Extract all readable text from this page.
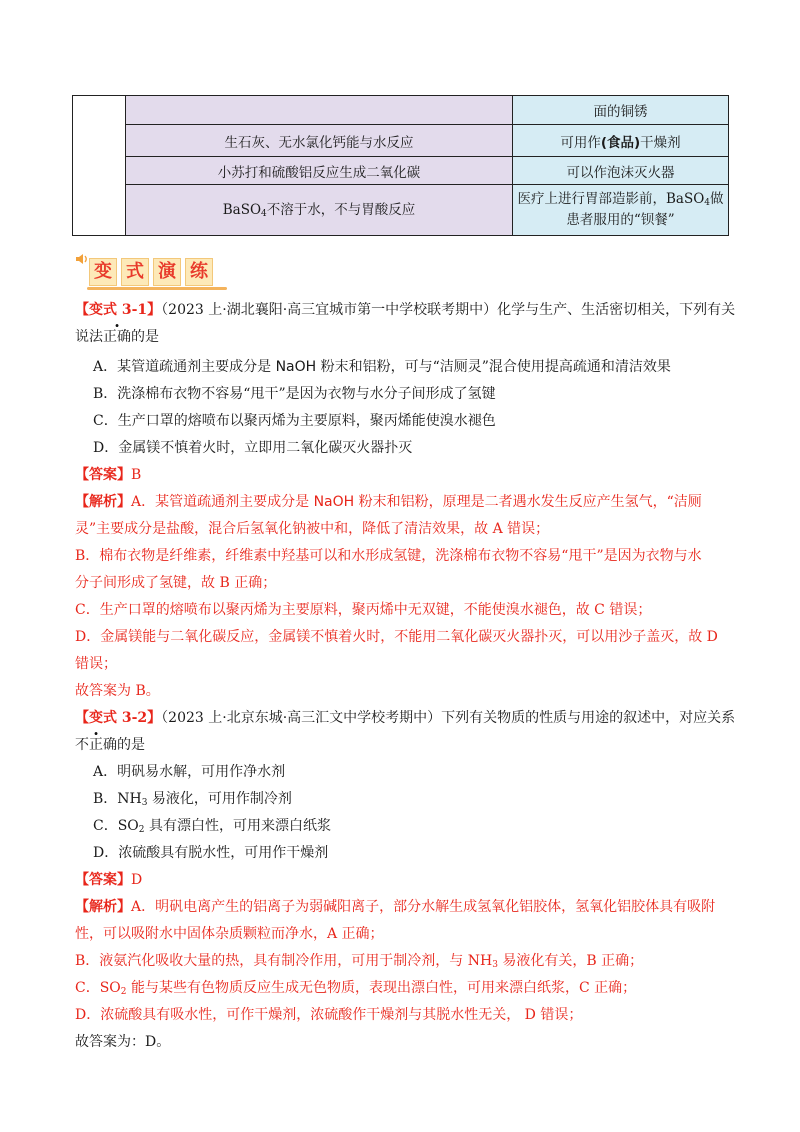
		面的铜锈
	生石灰、无水氯化钙能与水反应	可用作(食品)干燥剂
	小苏打和硫酸铝反应生成二氧化碳	可以作泡沫灭火器
	BaSO$_4$不溶于水，不与胃酸反应	医疗上进行胃部造影前，BaSO$_4$做
患者服用的“钡餐”
变 式 演 练
【变式 3-1】（2023 上·湖北襄阳·高三宜城市第一中学校联考期中）化学与生产、生活密切相关，下列有关
说法正确的是
A．某管道疏通剂主要成分是 NaOH 粉末和铝粉，可与“洁厕灵”混合使用提高疏通和清洁效果
B．洗涤棉布衣物不容易“甩干”是因为衣物与水分子间形成了氢键
C．生产口罩的熔喷布以聚丙烯为主要原料，聚丙烯能使溴水褪色
D．金属镁不慎着火时，立即用二氧化碳灭火器扑灭
【答案】B
【解析】A．某管道疏通剂主要成分是 NaOH 粉末和铝粉，原理是二者遇水发生反应产生氢气，“洁厕
灵”主要成分是盐酸，混合后氢氧化钠被中和，降低了清洁效果，故 A 错误；
B．棉布衣物是纤维素，纤维素中羟基可以和水形成氢键，洗涤棉布衣物不容易“甩干”是因为衣物与水
分子间形成了氢键，故 B 正确；
C．生产口罩的熔喷布以聚丙烯为主要原料，聚丙烯中无双键，不能使溴水褪色，故 C 错误；
D．金属镁能与二氧化碳反应，金属镁不慎着火时，不能用二氧化碳灭火器扑灭，可以用沙子盖灭，故 D
错误；
故答案为 B。
【变式 3-2】（2023 上·北京东城·高三汇文中学校考期中）下列有关物质的性质与用途的叙述中，对应关系
不正确的是
A．明矾易水解，可用作净水剂
B．$NH_3$ 易液化，可用作制冷剂
C．$SO_2$ 具有漂白性，可用来漂白纸浆
D．浓硫酸具有脱水性，可用作干燥剂
【答案】D
【解析】A．明矾电离产生的铝离子为弱碱阳离子，部分水解生成氢氧化铝胶体，氢氧化铝胶体具有吸附
性，可以吸附水中固体杂质颗粒而净水，A 正确；
B．液氨汽化吸收大量的热，具有制冷作用，可用于制冷剂，与 $NH_3$ 易液化有关，B 正确；
C．$SO_2$ 能与某些有色物质反应生成无色物质，表现出漂白性，可用来漂白纸浆，C 正确；
D．浓硫酸具有吸水性，可作干燥剂，浓硫酸作干燥剂与其脱水性无关， D 错误；
故答案为：D。
